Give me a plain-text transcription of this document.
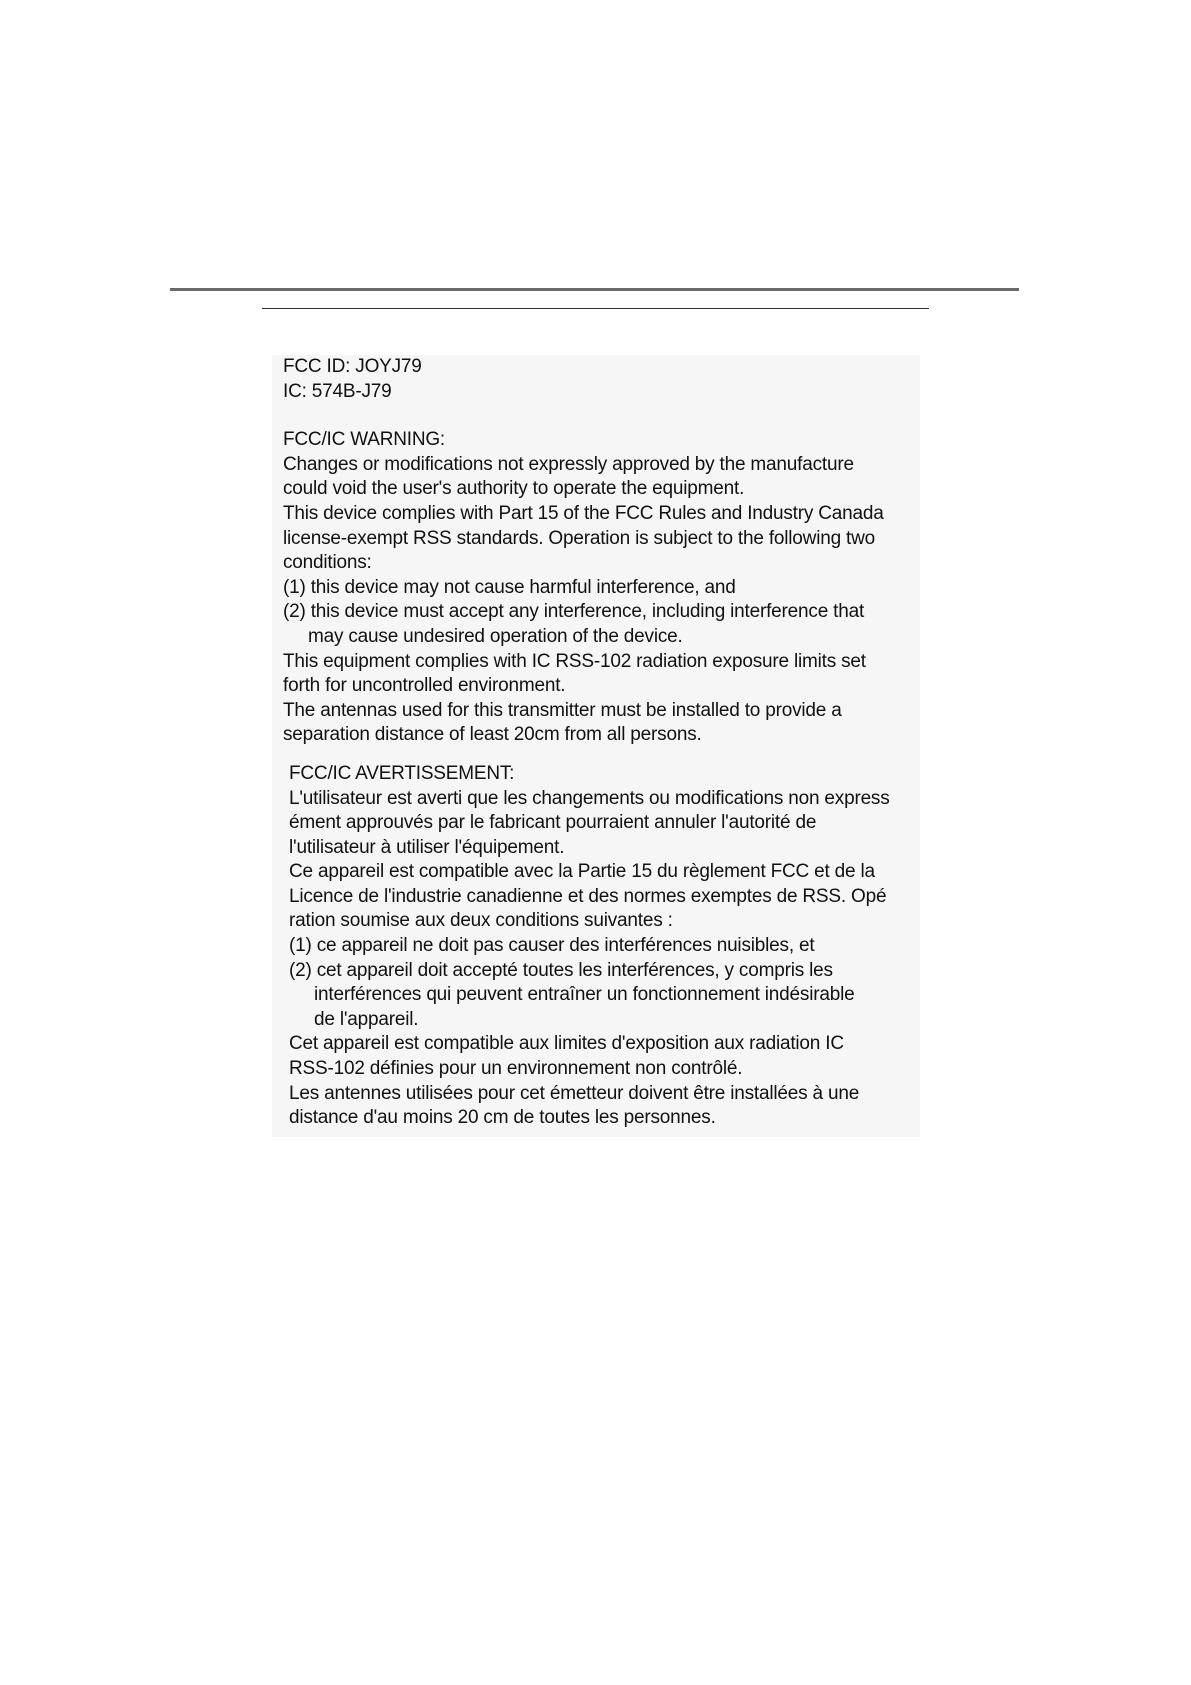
FCC ID: JOYJ79
IC: 574B-J79
FCC/IC WARNING:
Changes or modifications not expressly approved by the manufacture
could void the user's authority to operate the equipment.
This device complies with Part 15 of the FCC Rules and Industry Canada
license-exempt RSS standards. Operation is subject to the following two
conditions:
(1) this device may not cause harmful interference, and
(2) this device must accept any interference, including interference that
may cause undesired operation of the device.
This equipment complies with IC RSS-102 radiation exposure limits set
forth for uncontrolled environment.
The antennas used for this transmitter must be installed to provide a
separation distance of least 20cm from all persons.
FCC/IC AVERTISSEMENT:
L'utilisateur est averti que les changements ou modifications non express
ément approuvés par le fabricant pourraient annuler l'autorité de
l'utilisateur à utiliser l'équipement.
Ce appareil est compatible avec la Partie 15 du règlement FCC et de la
Licence de l'industrie canadienne et des normes exemptes de RSS. Opé
ration soumise aux deux conditions suivantes :
(1) ce appareil ne doit pas causer des interférences nuisibles, et
(2) cet appareil doit accepté toutes les interférences, y compris les
interférences qui peuvent entraîner un fonctionnement indésirable
de l'appareil.
Cet appareil est compatible aux limites d'exposition aux radiation IC
RSS-102 définies pour un environnement non contrôlé.
Les antennes utilisées pour cet émetteur doivent être installées à une
distance d'au moins 20 cm de toutes les personnes.
